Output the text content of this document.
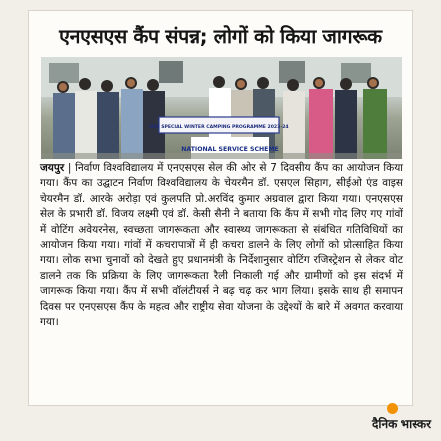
एनएसएस कैंप संपन्न; लोगों को किया जागरूक
NSS SPECIAL WINTER CAMPING PROGRAMME 2023-24
NATIONAL SERVICE SCHEME
जयपुर | निर्वाण विश्वविद्यालय में एनएसएस सेल की ओर से 7 दिवसीय कैंप का आयोजन किया गया। कैंप का उद्घाटन निर्वाण विश्वविद्यालय के चेयरमैन डॉ. एसएल सिहाग, सीईओ एंड वाइस चेयरमैन डॉ. आरके अरोड़ा एवं कुलपति प्रो.अरविंद कुमार अग्रवाल द्वारा किया गया। एनएसएस सेल के प्रभारी डॉ. विजय लक्ष्मी एवं डॉ. केसी सैनी ने बताया कि कैंप में सभी गोद लिए गए गांवों में वोटिंग अवेयरनेस, स्वच्छता जागरूकता और स्वास्थ्य जागरूकता से संबंधित गतिविधियों का आयोजन किया गया। गांवों में कचरापात्रों में ही कचरा डालने के लिए लोगों को प्रोत्साहित किया गया। लोक सभा चुनावों को देखते हुए प्रधानमंत्री के निर्देशानुसार वोटिंग रजिस्ट्रेशन से लेकर वोट डालने तक कि प्रक्रिया के लिए जागरूकता रैली निकाली गई और ग्रामीणों को इस संदर्भ में जागरूक किया गया। कैंप में सभी वॉलंटीयर्स ने बढ़ चढ़ कर भाग लिया। इसके साथ ही समापन दिवस पर एनएसएस कैंप के महत्व और राष्ट्रीय सेवा योजना के उद्देश्यों के बारे में अवगत करवाया गया।
दैनिक भास्कर
